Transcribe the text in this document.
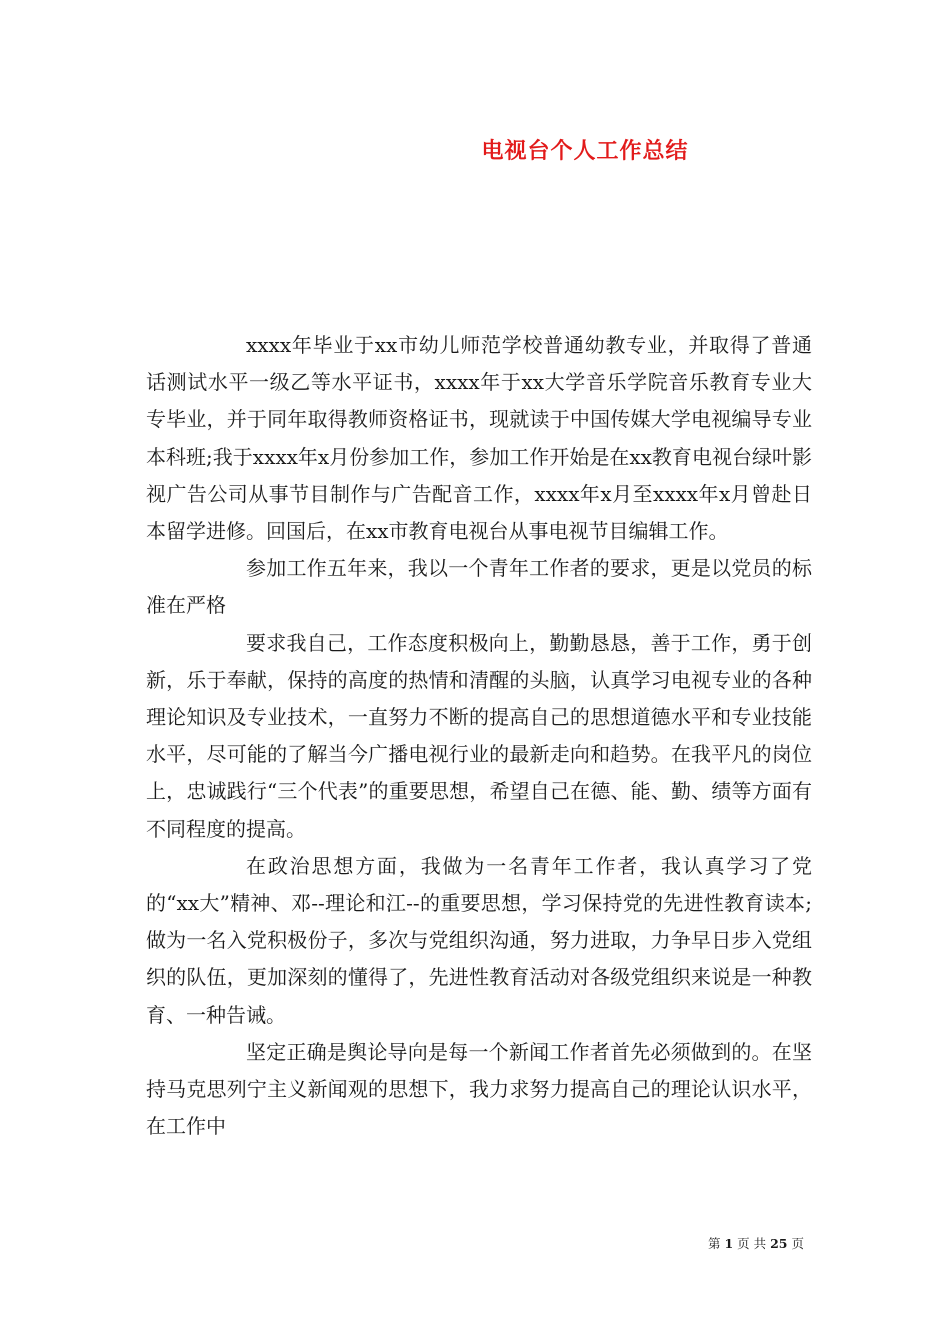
电视台个人工作总结

xxxx年毕业于xx市幼儿师范学校普通幼教专业，并取得了普通话测试水平一级乙等水平证书，xxxx年于xx大学音乐学院音乐教育专业大专毕业，并于同年取得教师资格证书，现就读于中国传媒大学电视编导专业本科班;我于xxxx年x月份参加工作，参加工作开始是在xx教育电视台绿叶影视广告公司从事节目制作与广告配音工作，xxxx年x月至xxxx年x月曾赴日本留学进修。回国后，在xx市教育电视台从事电视节目编辑工作。

参加工作五年来，我以一个青年工作者的要求，更是以党员的标准在严格

要求我自己，工作态度积极向上，勤勤恳恳，善于工作，勇于创新，乐于奉献，保持的高度的热情和清醒的头脑，认真学习电视专业的各种理论知识及专业技术，一直努力不断的提高自己的思想道德水平和专业技能水平，尽可能的了解当今广播电视行业的最新走向和趋势。在我平凡的岗位上，忠诚践行“三个代表”的重要思想，希望自己在德、能、勤、绩等方面有不同程度的提高。

在政治思想方面，我做为一名青年工作者，我认真学习了党的“xx大”精神、邓--理论和江--的重要思想，学习保持党的先进性教育读本;做为一名入党积极份子，多次与党组织沟通，努力进取，力争早日步入党组织的队伍，更加深刻的懂得了，先进性教育活动对各级党组织来说是一种教育、一种告诫。

坚定正确是舆论导向是每一个新闻工作者首先必须做到的。在坚持马克思列宁主义新闻观的思想下，我力求努力提高自己的理论认识水平，在工作中

第 1 页 共 25 页
